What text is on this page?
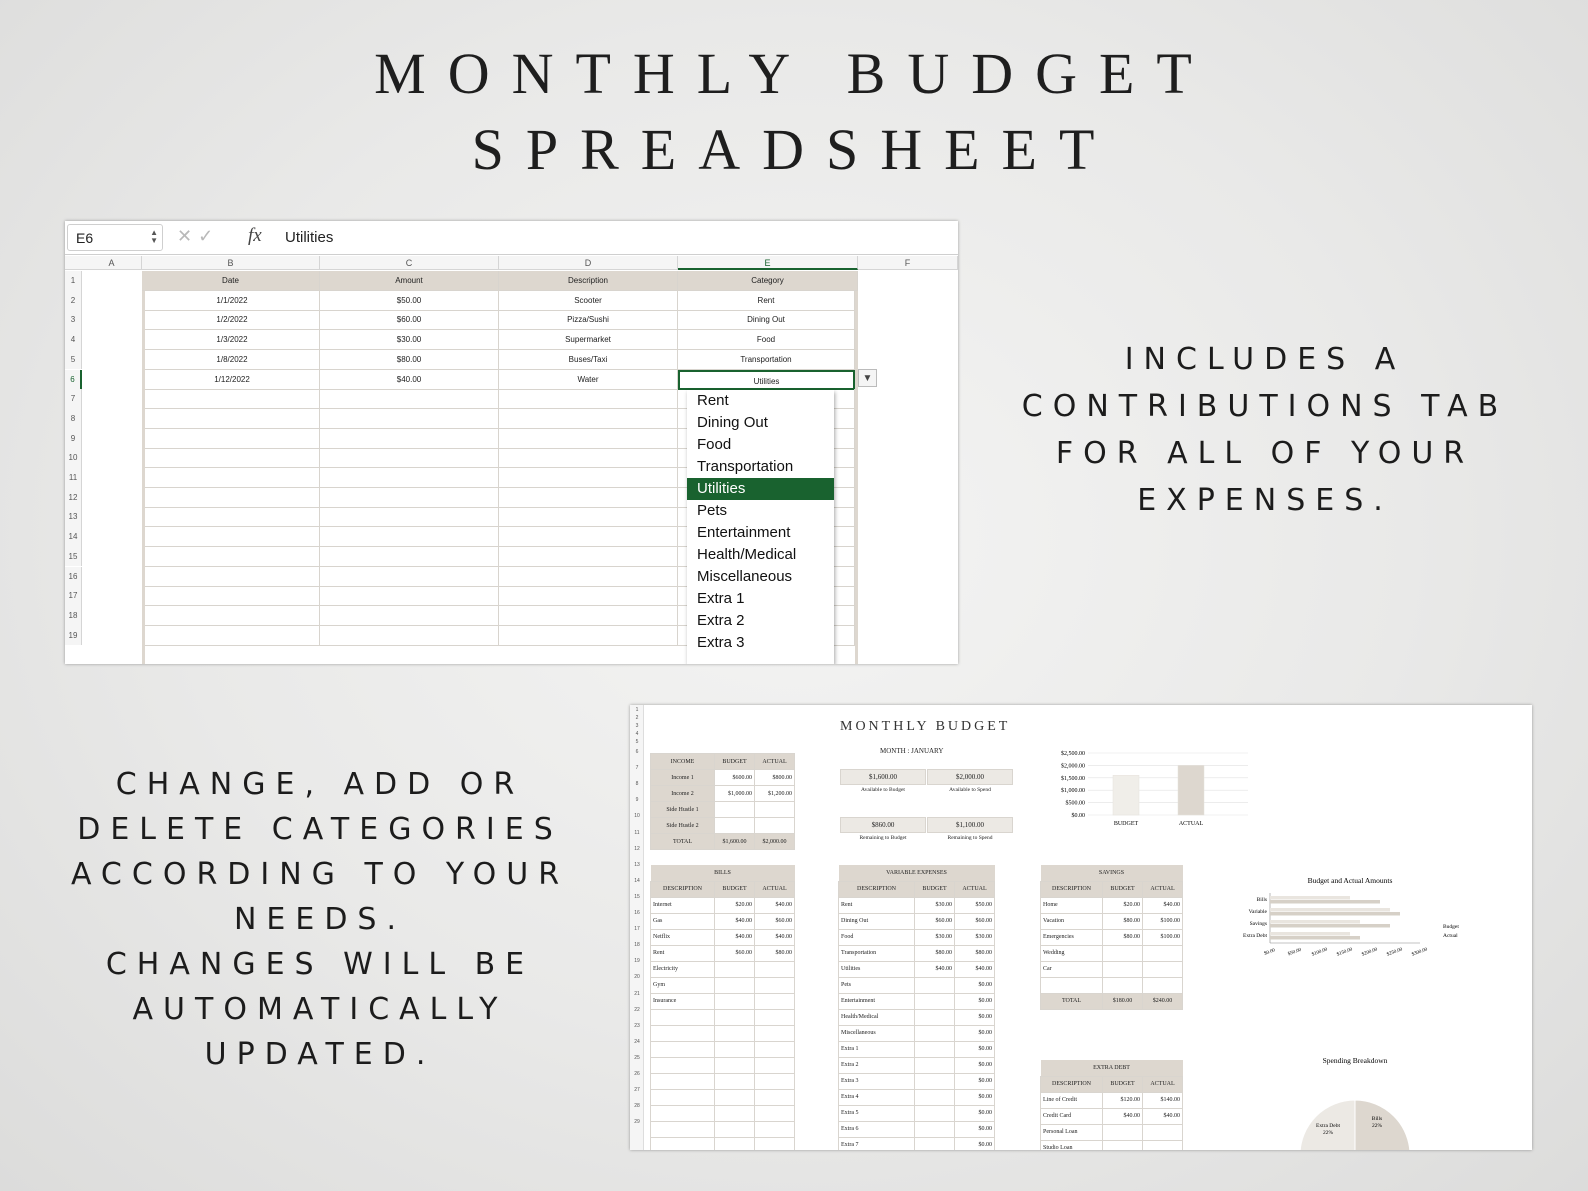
MONTHLY BUDGET
SPREADSHEET
INCLUDES A
CONTRIBUTIONS TAB
FOR ALL OF YOUR
EXPENSES.
CHANGE, ADD OR
DELETE CATEGORIES
ACCORDING TO YOUR
NEEDS.
CHANGES WILL BE
AUTOMATICALLY
UPDATED.
E6	▲
▼ ✕✓ fx Utilities
A	B	C	D	E	F
1
2
3
4
5
6
7
8
9
10
11
12
13
14
15
16
17
18
19
Date	Amount	Description	Category
1/1/2022	$50.00	Scooter	Rent
1/2/2022	$60.00	Pizza/Sushi	Dining Out
1/3/2022	$30.00	Supermarket	Food
1/8/2022	$80.00	Buses/Taxi	Transportation
1/12/2022	$40.00	Water	Utilities	▼
Rent
Dining Out
Food
Transportation
Utilities
Pets
Entertainment
Health/Medical
Miscellaneous
Extra 1
Extra 2
Extra 3
1
2
3
4
5
6
7
8
9
10
11
12
13
14
15
16
17
18
19
20
21
22
23
24
25
26
27
28
29
MONTHLY BUDGET
MONTH : JANUARY
INCOME	BUDGET	ACTUAL
Income 1	$600.00	$800.00
Income 2	$1,000.00	$1,200.00
Side Hustle 1		
Side Hustle 2		
TOTAL	$1,600.00	$2,000.00
BILLS		
DESCRIPTION	BUDGET	ACTUAL
Internet	$20.00	$40.00
Gas	$40.00	$60.00
Netflix	$40.00	$40.00
Rent	$60.00	$80.00
Electricity		
Gym		
Insurance		

VARIABLE EXPENSES		
DESCRIPTION	BUDGET	ACTUAL
Rent	$30.00	$50.00
Dining Out	$60.00	$60.00
Food	$30.00	$30.00
Transportation	$80.00	$80.00
Utilities	$40.00	$40.00
Pets		$0.00
Entertainment		$0.00
Health/Medical		$0.00
Miscellaneous		$0.00
Extra 1		$0.00
Extra 2		$0.00
Extra 3		$0.00
Extra 4		$0.00
Extra 5		$0.00
Extra 6		$0.00
Extra 7		$0.00
SAVINGS		
DESCRIPTION	BUDGET	ACTUAL
Home	$20.00	$40.00
Vacation	$80.00	$100.00
Emergencies	$80.00	$100.00
Wedding		
Car		

TOTAL	$180.00	$240.00
EXTRA DEBT		
DESCRIPTION	BUDGET	ACTUAL
Line of Credit	$120.00	$140.00
Credit Card	$40.00	$40.00
Personal Loan		
Studio Loan		
$1,600.00
Available to Budget
$2,000.00
Available to Spend
$860.00
Remaining to Budget
$1,100.00
Remaining to Spend
$2,500.00
$2,000.00
$1,500.00
$1,000.00
$500.00
$0.00
BUDGET	ACTUAL
Budget and Actual Amounts
Bills
Variable
Savings
Extra Debt
$0.00 $50.00 $100.00 $150.00 $200.00 $250.00 $300.00
Budget
Actual
Spending Breakdown
Extra Debt
22%
Bills
22%
